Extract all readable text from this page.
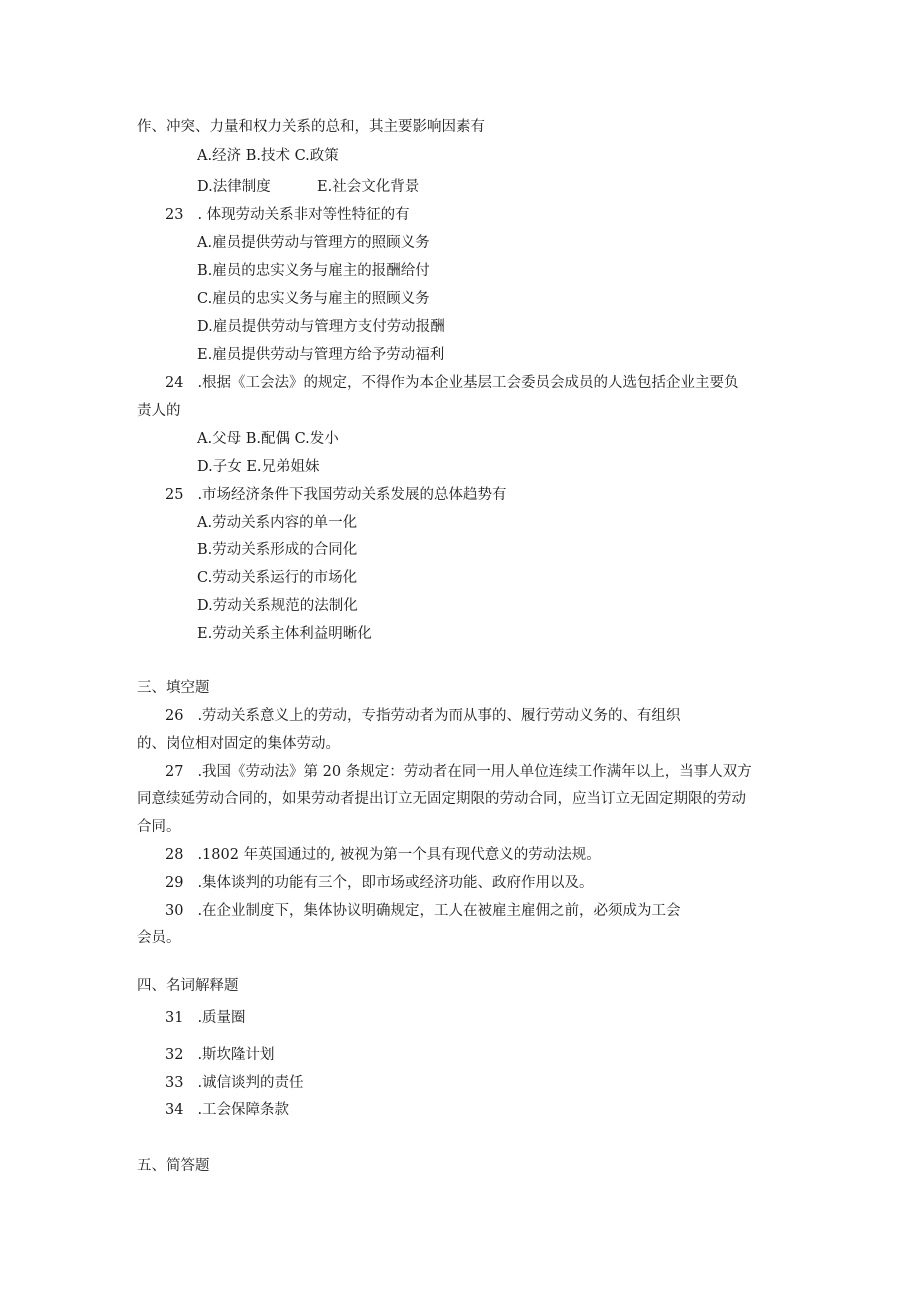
作、冲突、力量和权力关系的总和，其主要影响因素有
A.经济 B.技术 C.政策
D.法律制度	E.社会文化背景
23 . 体现劳动关系非对等性特征的有
A.雇员提供劳动与管理方的照顾义务
B.雇员的忠实义务与雇主的报酬给付
C.雇员的忠实义务与雇主的照顾义务
D.雇员提供劳动与管理方支付劳动报酬
E.雇员提供劳动与管理方给予劳动福利
24 .根据《工会法》的规定，不得作为本企业基层工会委员会成员的人选包括企业主要负
责人的
A.父母 B.配偶 C.发小
D.子女 E.兄弟姐妹
25 .市场经济条件下我国劳动关系发展的总体趋势有
A.劳动关系内容的单一化
B.劳动关系形成的合同化
C.劳动关系运行的市场化
D.劳动关系规范的法制化
E.劳动关系主体利益明晰化
三、填空题
26 .劳动关系意义上的劳动，专指劳动者为而从事的、履行劳动义务的、有组织
的、岗位相对固定的集体劳动。
27 .我国《劳动法》第 20 条规定：劳动者在同一用人单位连续工作满年以上，当事人双方
同意续延劳动合同的，如果劳动者提出订立无固定期限的劳动合同，应当订立无固定期限的劳动
合同。
28 .1802 年英国通过的, 被视为第一个具有现代意义的劳动法规。
29 .集体谈判的功能有三个，即市场或经济功能、政府作用以及。
30 .在企业制度下，集体协议明确规定，工人在被雇主雇佣之前，必须成为工会
会员。
四、名词解释题
31 .质量圈
32 .斯坎隆计划
33 .诚信谈判的责任
34 .工会保障条款
五、简答题
